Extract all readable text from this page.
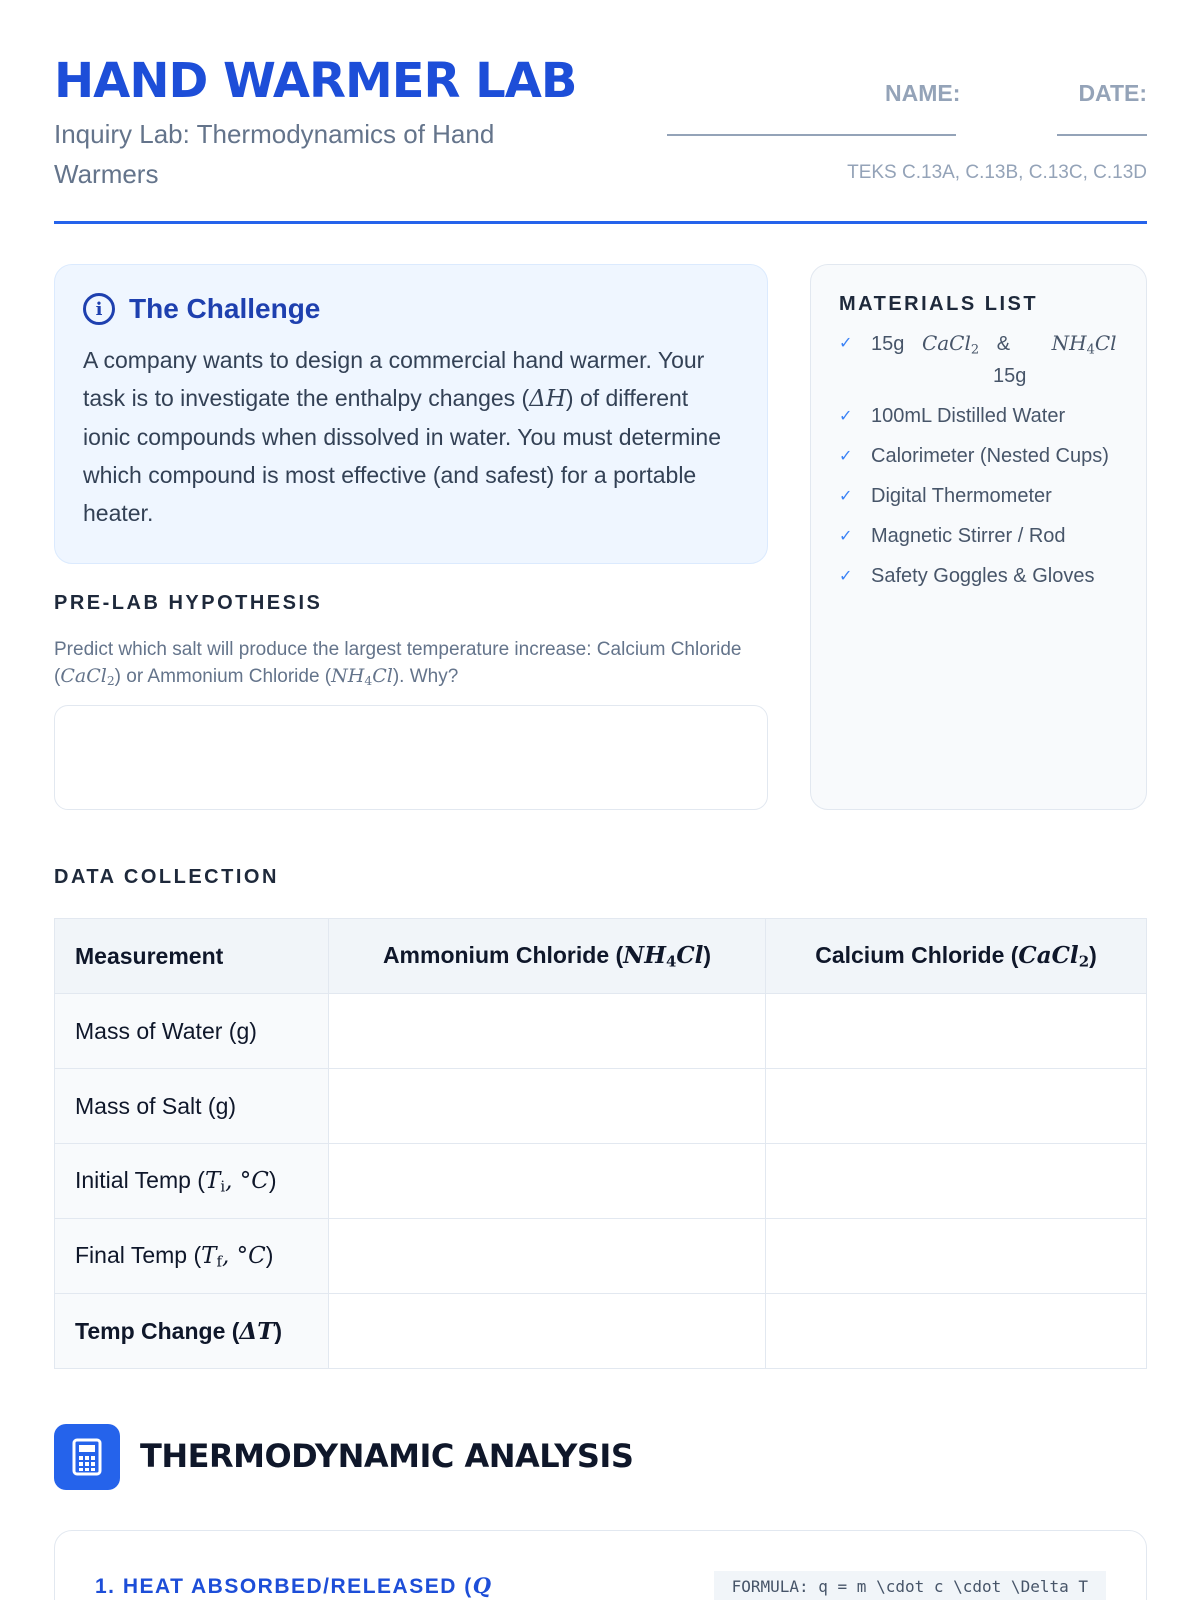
HAND WARMER LAB
Inquiry Lab: Thermodynamics of Hand Warmers
NAME:	DATE:
TEKS C.13A, C.13B, C.13C, C.13D
i The Challenge

A company wants to design a commercial hand warmer. Your task is to investigate the enthalpy changes (ΔH) of different ionic compounds when dissolved in water. You must determine which compound is most effective (and safest) for a portable heater.

MATERIALS LIST
✓ 15g CaCl$_2$ & $NH_4Cl$
15g
✓ 100mL Distilled Water
✓ Calorimeter (Nested Cups)
✓ Digital Thermometer
✓ Magnetic Stirrer / Rod
✓ Safety Goggles & Gloves
PRE-LAB HYPOTHESIS

Predict which salt will produce the largest temperature increase: Calcium Chloride (CaCl$_2$) or Ammonium Chloride $(NH_4Cl)$. Why?

DATA COLLECTION
Measurement	Ammonium Chloride $(NH_4Cl)$	Calcium Chloride (CaCl$_2$)
Mass of Water (g)		
Mass of Salt (g)		
Initial Temp ($T_i$, °C)		
Final Temp ($T_f$, °C)		
Temp Change (ΔT)		
THERMODYNAMIC ANALYSIS
1. HEAT ABSORBED/RELEASED (Q	FORMULA: q = m \cdot c \cdot \Delta T
